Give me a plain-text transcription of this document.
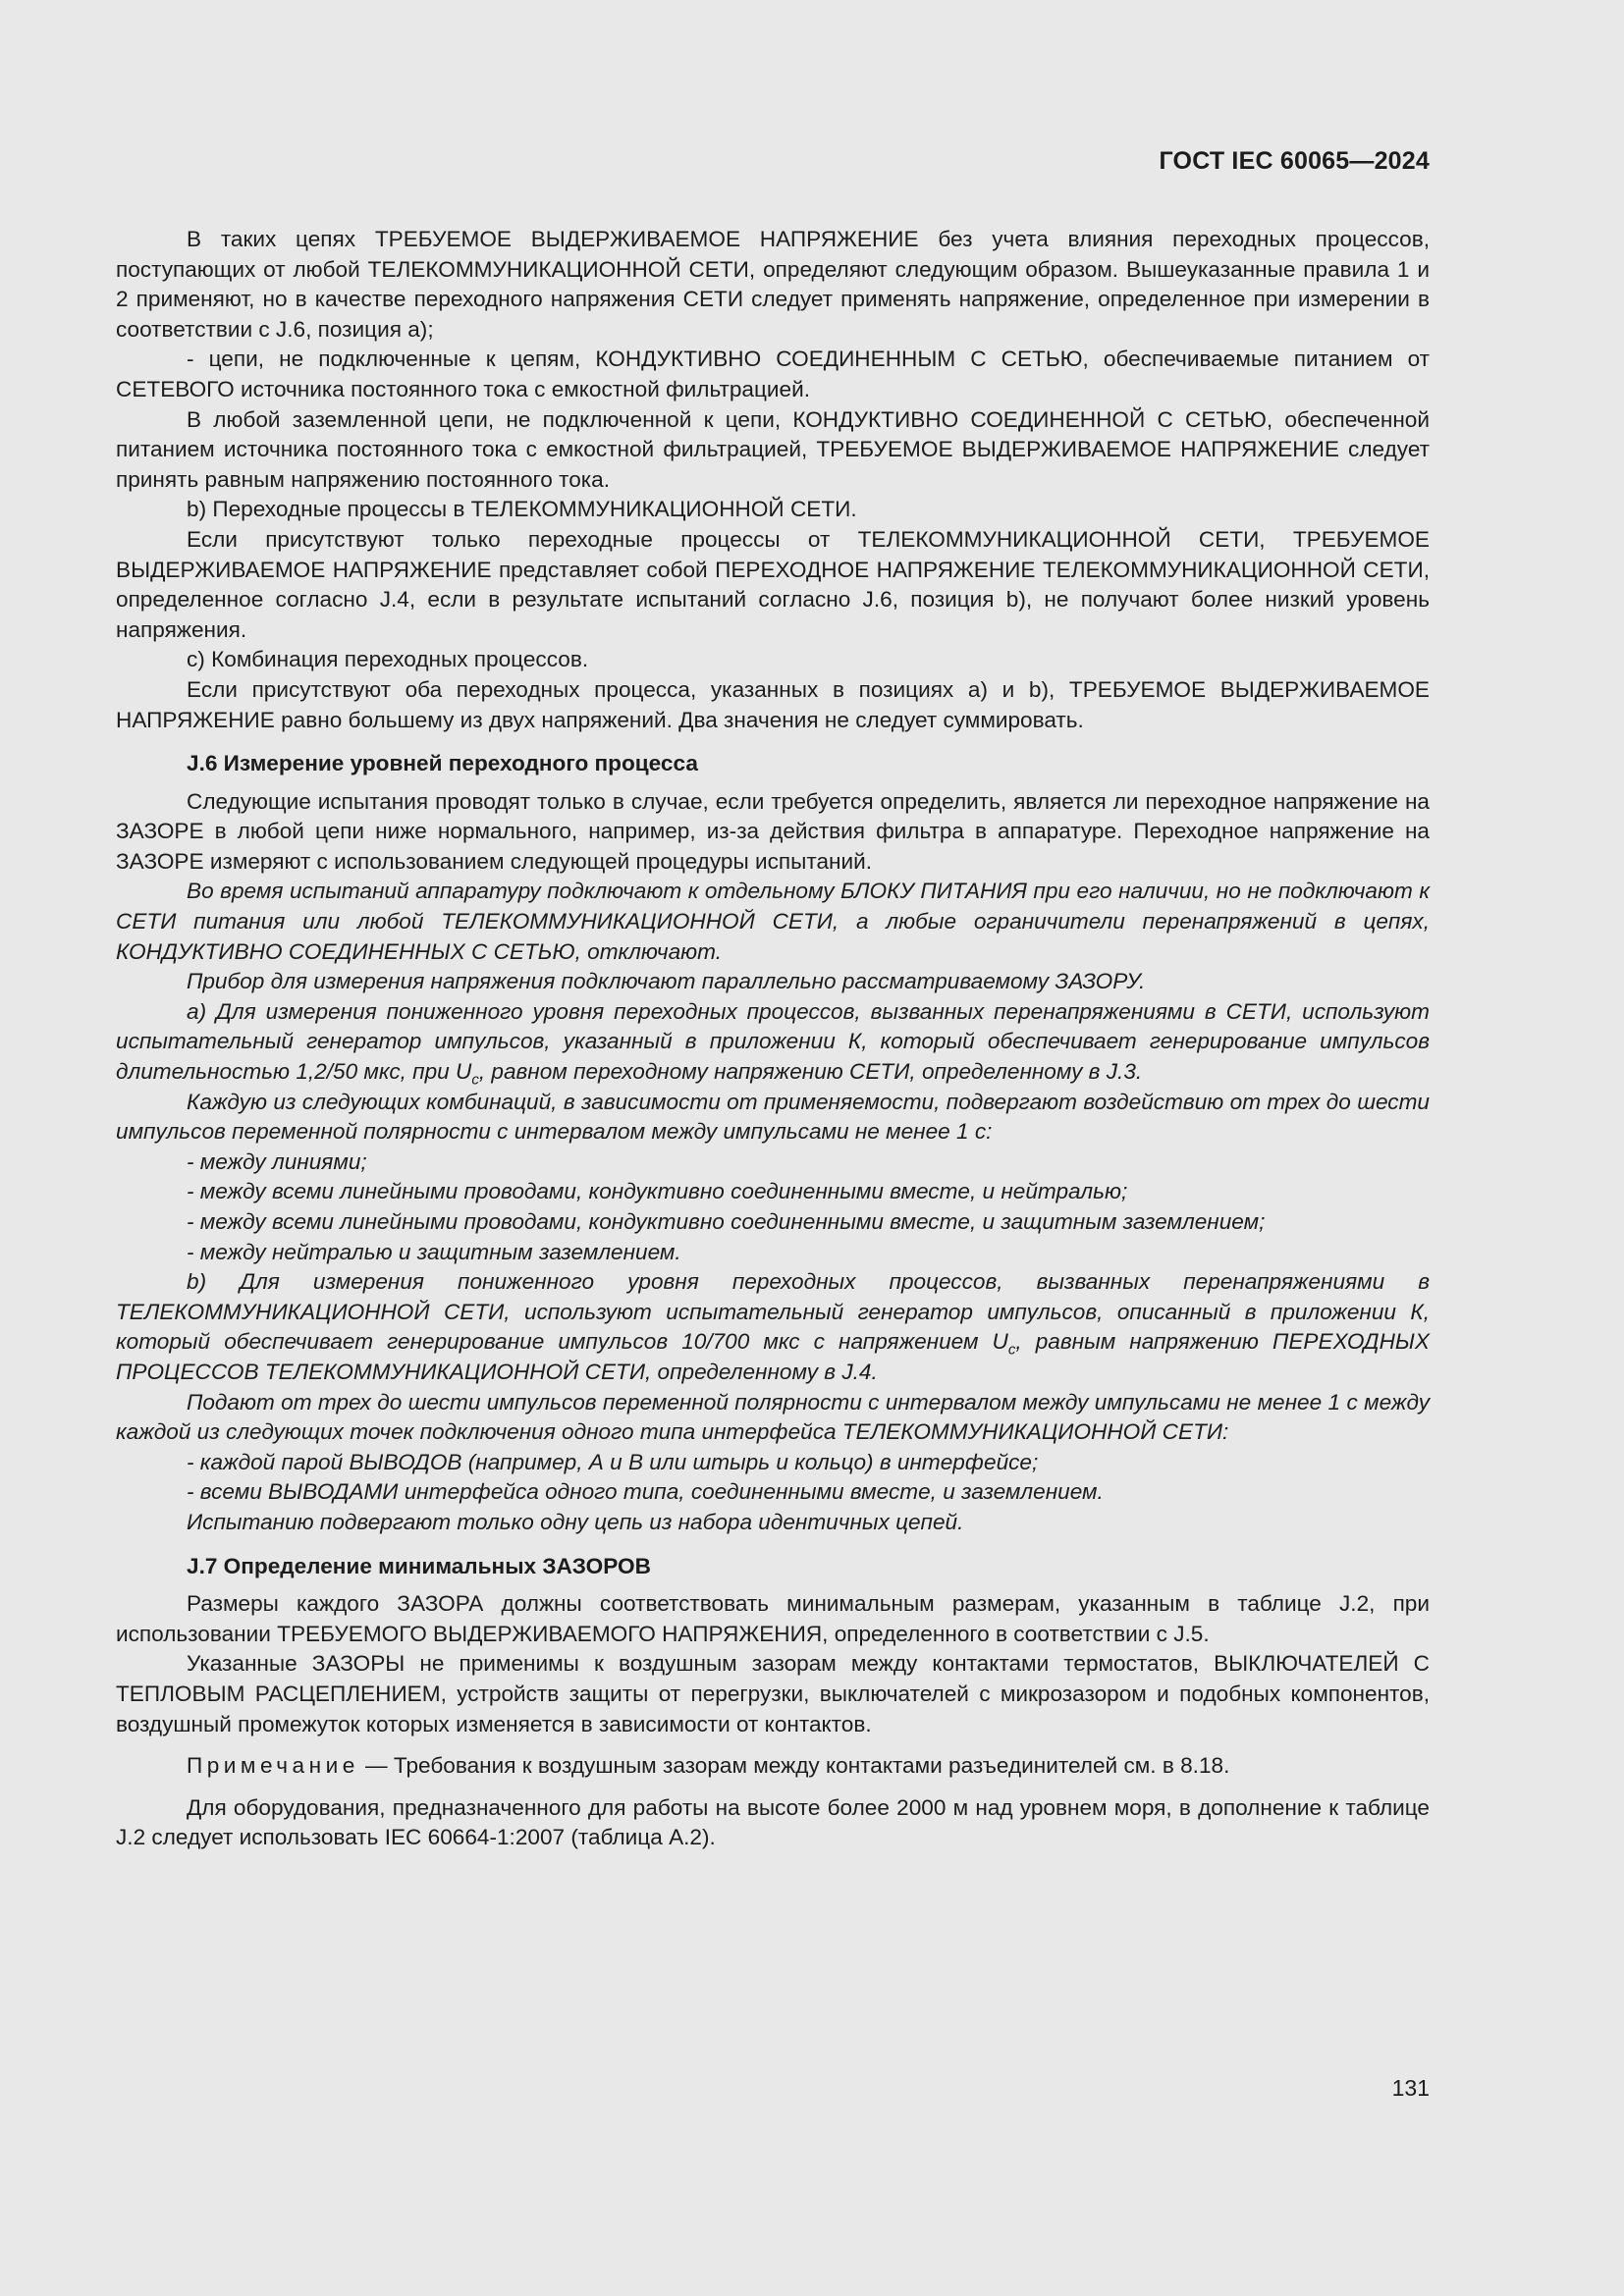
ГОСТ IEC 60065—2024

В таких цепях ТРЕБУЕМОЕ ВЫДЕРЖИВАЕМОЕ НАПРЯЖЕНИЕ без учета влияния переходных процессов, поступающих от любой ТЕЛЕКОММУНИКАЦИОННОЙ СЕТИ, определяют следующим образом. Вышеуказанные правила 1 и 2 применяют, но в качестве переходного напряжения СЕТИ следует применять напряжение, определенное при измерении в соответствии с J.6, позиция a);

- цепи, не подключенные к цепям, КОНДУКТИВНО СОЕДИНЕННЫМ С СЕТЬЮ, обеспечиваемые питанием от СЕТЕВОГО источника постоянного тока с емкостной фильтрацией.

В любой заземленной цепи, не подключенной к цепи, КОНДУКТИВНО СОЕДИНЕННОЙ С СЕТЬЮ, обеспеченной питанием источника постоянного тока с емкостной фильтрацией, ТРЕБУЕМОЕ ВЫДЕРЖИВАЕМОЕ НАПРЯЖЕНИЕ следует принять равным напряжению постоянного тока.

b) Переходные процессы в ТЕЛЕКОММУНИКАЦИОННОЙ СЕТИ.

Если присутствуют только переходные процессы от ТЕЛЕКОММУНИКАЦИОННОЙ СЕТИ, ТРЕБУЕМОЕ ВЫДЕРЖИВАЕМОЕ НАПРЯЖЕНИЕ представляет собой ПЕРЕХОДНОЕ НАПРЯЖЕНИЕ ТЕЛЕКОММУНИКАЦИОННОЙ СЕТИ, определенное согласно J.4, если в результате испытаний согласно J.6, позиция b), не получают более низкий уровень напряжения.

c) Комбинация переходных процессов.

Если присутствуют оба переходных процесса, указанных в позициях a) и b), ТРЕБУЕМОЕ ВЫДЕРЖИВАЕМОЕ НАПРЯЖЕНИЕ равно большему из двух напряжений. Два значения не следует суммировать.

J.6 Измерение уровней переходного процесса

Следующие испытания проводят только в случае, если требуется определить, является ли переходное напряжение на ЗАЗОРЕ в любой цепи ниже нормального, например, из-за действия фильтра в аппаратуре. Переходное напряжение на ЗАЗОРЕ измеряют с использованием следующей процедуры испытаний.

Во время испытаний аппаратуру подключают к отдельному БЛОКУ ПИТАНИЯ при его наличии, но не подключают к СЕТИ питания или любой ТЕЛЕКОММУНИКАЦИОННОЙ СЕТИ, а любые ограничители перенапряжений в цепях, КОНДУКТИВНО СОЕДИНЕННЫХ С СЕТЬЮ, отключают.

Прибор для измерения напряжения подключают параллельно рассматриваемому ЗАЗОРУ.

a) Для измерения пониженного уровня переходных процессов, вызванных перенапряжениями в СЕТИ, используют испытательный генератор импульсов, указанный в приложении К, который обеспечивает генерирование импульсов длительностью 1,2/50 мкс, при $U_c$, равном переходному напряжению СЕТИ, определенному в J.3.

Каждую из следующих комбинаций, в зависимости от применяемости, подвергают воздействию от трех до шести импульсов переменной полярности с интервалом между импульсами не менее 1 с:

- между линиями;

- между всеми линейными проводами, кондуктивно соединенными вместе, и нейтралью;

- между всеми линейными проводами, кондуктивно соединенными вместе, и защитным заземлением;

- между нейтралью и защитным заземлением.

b) Для измерения пониженного уровня переходных процессов, вызванных перенапряжениями в ТЕЛЕКОММУНИКАЦИОННОЙ СЕТИ, используют испытательный генератор импульсов, описанный в приложении К, который обеспечивает генерирование импульсов 10/700 мкс с напряжением $U_c$, равным напряжению ПЕРЕХОДНЫХ ПРОЦЕССОВ ТЕЛЕКОММУНИКАЦИОННОЙ СЕТИ, определенному в J.4.

Подают от трех до шести импульсов переменной полярности с интервалом между импульсами не менее 1 с между каждой из следующих точек подключения одного типа интерфейса ТЕЛЕКОММУНИКАЦИОННОЙ СЕТИ:

- каждой парой ВЫВОДОВ (например, А и В или штырь и кольцо) в интерфейсе;

- всеми ВЫВОДАМИ интерфейса одного типа, соединенными вместе, и заземлением.

Испытанию подвергают только одну цепь из набора идентичных цепей.

J.7 Определение минимальных ЗАЗОРОВ

Размеры каждого ЗАЗОРА должны соответствовать минимальным размерам, указанным в таблице J.2, при использовании ТРЕБУЕМОГО ВЫДЕРЖИВАЕМОГО НАПРЯЖЕНИЯ, определенного в соответствии с J.5.

Указанные ЗАЗОРЫ не применимы к воздушным зазорам между контактами термостатов, ВЫКЛЮЧАТЕЛЕЙ С ТЕПЛОВЫМ РАСЦЕПЛЕНИЕМ, устройств защиты от перегрузки, выключателей с микрозазором и подобных компонентов, воздушный промежуток которых изменяется в зависимости от контактов.

Примечание — Требования к воздушным зазорам между контактами разъединителей см. в 8.18.

Для оборудования, предназначенного для работы на высоте более 2000 м над уровнем моря, в дополнение к таблице J.2 следует использовать IEC 60664-1:2007 (таблица А.2).

131
